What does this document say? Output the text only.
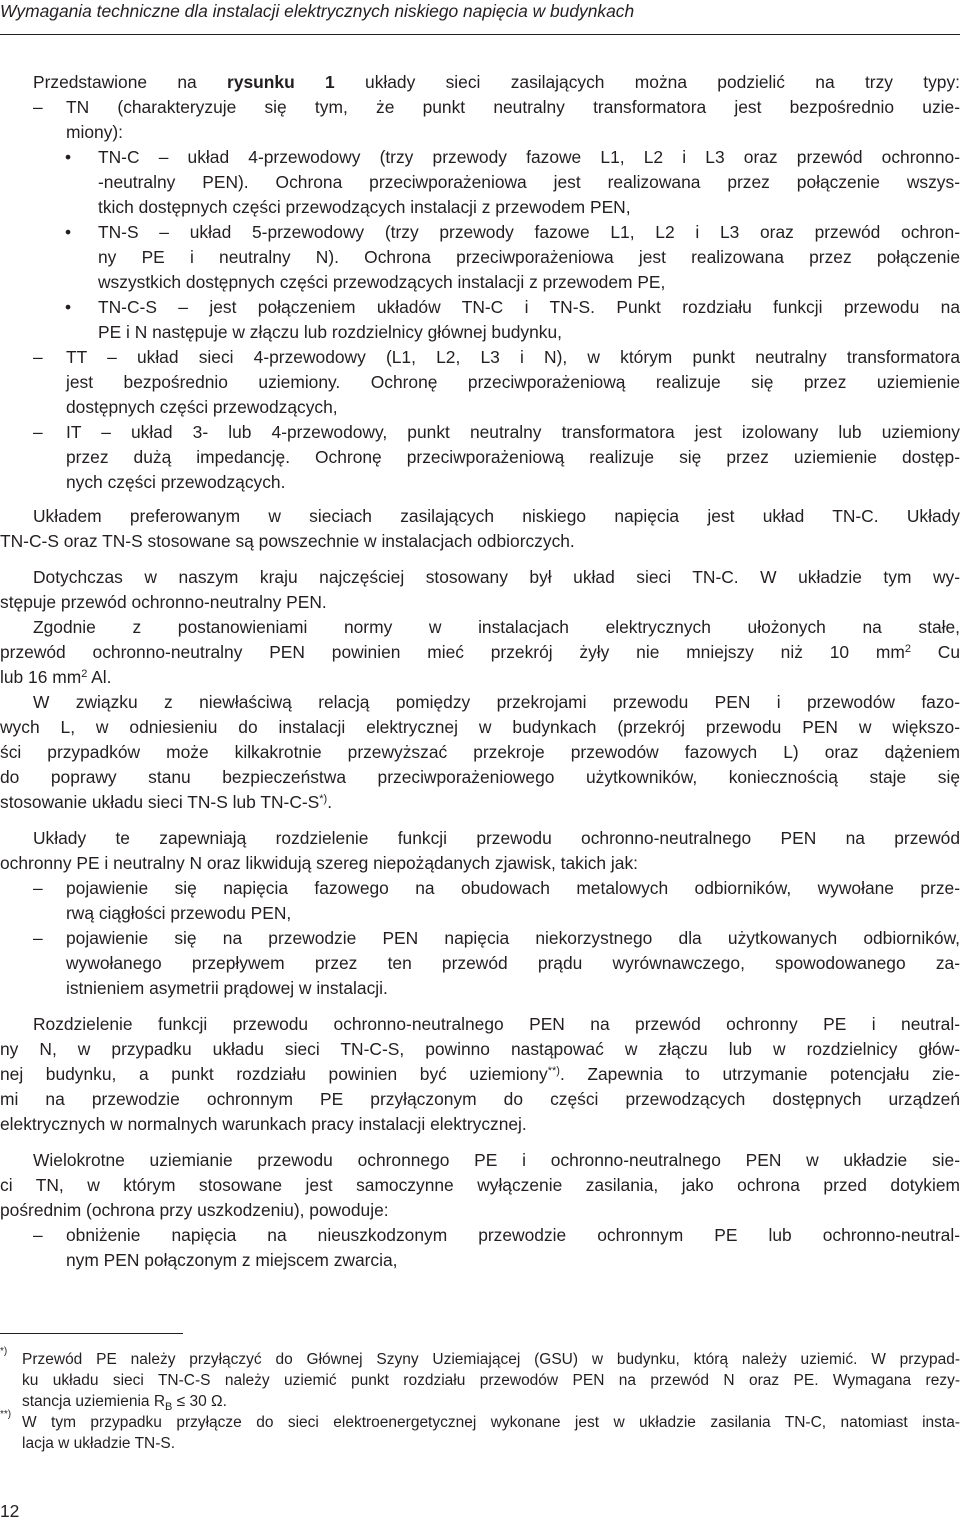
Wymagania techniczne dla instalacji elektrycznych niskiego napięcia w budynkach
Przedstawione na rysunku 1 układy sieci zasilających można podzielić na trzy typy:
–	TN (charakteryzuje się tym, że punkt neutralny transformatora jest bezpośrednio uzie-
miony):
•	TN-C – układ 4-przewodowy (trzy przewody fazowe L1, L2 i L3 oraz przewód ochronno-
-neutralny PEN). Ochrona przeciwporażeniowa jest realizowana przez połączenie wszys-
tkich dostępnych części przewodzących instalacji z przewodem PEN,
•	TN-S – układ 5-przewodowy (trzy przewody fazowe L1, L2 i L3 oraz przewód ochron-
ny PE i neutralny N). Ochrona przeciwporażeniowa jest realizowana przez połączenie
wszystkich dostępnych części przewodzących instalacji z przewodem PE,
•	TN-C-S – jest połączeniem układów TN-C i TN-S. Punkt rozdziału funkcji przewodu na
PE i N następuje w złączu lub rozdzielnicy głównej budynku,
–	TT – układ sieci 4-przewodowy (L1, L2, L3 i N), w którym punkt neutralny transformatora
jest bezpośrednio uziemiony. Ochronę przeciwporażeniową realizuje się przez uziemienie
dostępnych części przewodzących,
–	IT – układ 3- lub 4-przewodowy, punkt neutralny transformatora jest izolowany lub uziemiony
przez dużą impedancję. Ochronę przeciwporażeniową realizuje się przez uziemienie dostęp-
nych części przewodzących.
Układem preferowanym w sieciach zasilających niskiego napięcia jest układ TN-C. Układy
TN-C-S oraz TN-S stosowane są powszechnie w instalacjach odbiorczych.
Dotychczas w naszym kraju najczęściej stosowany był układ sieci TN-C. W układzie tym wy-
stępuje przewód ochronno-neutralny PEN.
Zgodnie z postanowieniami normy w instalacjach elektrycznych ułożonych na stałe,
przewód ochronno-neutralny PEN powinien mieć przekrój żyły nie mniejszy niż 10 $mm^2$ Cu
lub 16 $mm^2$ Al.
W związku z niewłaściwą relacją pomiędzy przekrojami przewodu PEN i przewodów fazo-
wych L, w odniesieniu do instalacji elektrycznej w budynkach (przekrój przewodu PEN w większo-
ści przypadków może kilkakrotnie przewyższać przekroje przewodów fazowych L) oraz dążeniem
do poprawy stanu bezpieczeństwa przeciwporażeniowego użytkowników, koniecznością staje się
stosowanie układu sieci TN-S lub TN-C-S*).
Układy te zapewniają rozdzielenie funkcji przewodu ochronno-neutralnego PEN na przewód
ochronny PE i neutralny N oraz likwidują szereg niepożądanych zjawisk, takich jak:
–	pojawienie się napięcia fazowego na obudowach metalowych odbiorników, wywołane prze-
rwą ciągłości przewodu PEN,
–	pojawienie się na przewodzie PEN napięcia niekorzystnego dla użytkowanych odbiorników,
wywołanego przepływem przez ten przewód prądu wyrównawczego, spowodowanego za-
istnieniem asymetrii prądowej w instalacji.
Rozdzielenie funkcji przewodu ochronno-neutralnego PEN na przewód ochronny PE i neutral-
ny N, w przypadku układu sieci TN-C-S, powinno nastąpować w złączu lub w rozdzielnicy głów-
nej budynku, a punkt rozdziału powinien być uziemiony**). Zapewnia to utrzymanie potencjału zie-
mi na przewodzie ochronnym PE przyłączonym do części przewodzących dostępnych urządzeń
elektrycznych w normalnych warunkach pracy instalacji elektrycznej.
Wielokrotne uziemianie przewodu ochronnego PE i ochronno-neutralnego PEN w układzie sie-
ci TN, w którym stosowane jest samoczynne wyłączenie zasilania, jako ochrona przed dotykiem
pośrednim (ochrona przy uszkodzeniu), powoduje:
–	obniżenie napięcia na nieuszkodzonym przewodzie ochronnym PE lub ochronno-neutral-
nym PEN połączonym z miejscem zwarcia,
*) Przewód PE należy przyłączyć do Głównej Szyny Uziemiającej (GSU) w budynku, którą należy uziemić. W przypad-
ku układu sieci TN-C-S należy uziemić punkt rozdziału przewodów PEN na przewód N oraz PE. Wymagana rezy-
stancja uziemienia $R_B \le 30$ Ω.
**) W tym przypadku przyłącze do sieci elektroenergetycznej wykonane jest w układzie zasilania TN-C, natomiast insta-
lacja w układzie TN-S.
12
